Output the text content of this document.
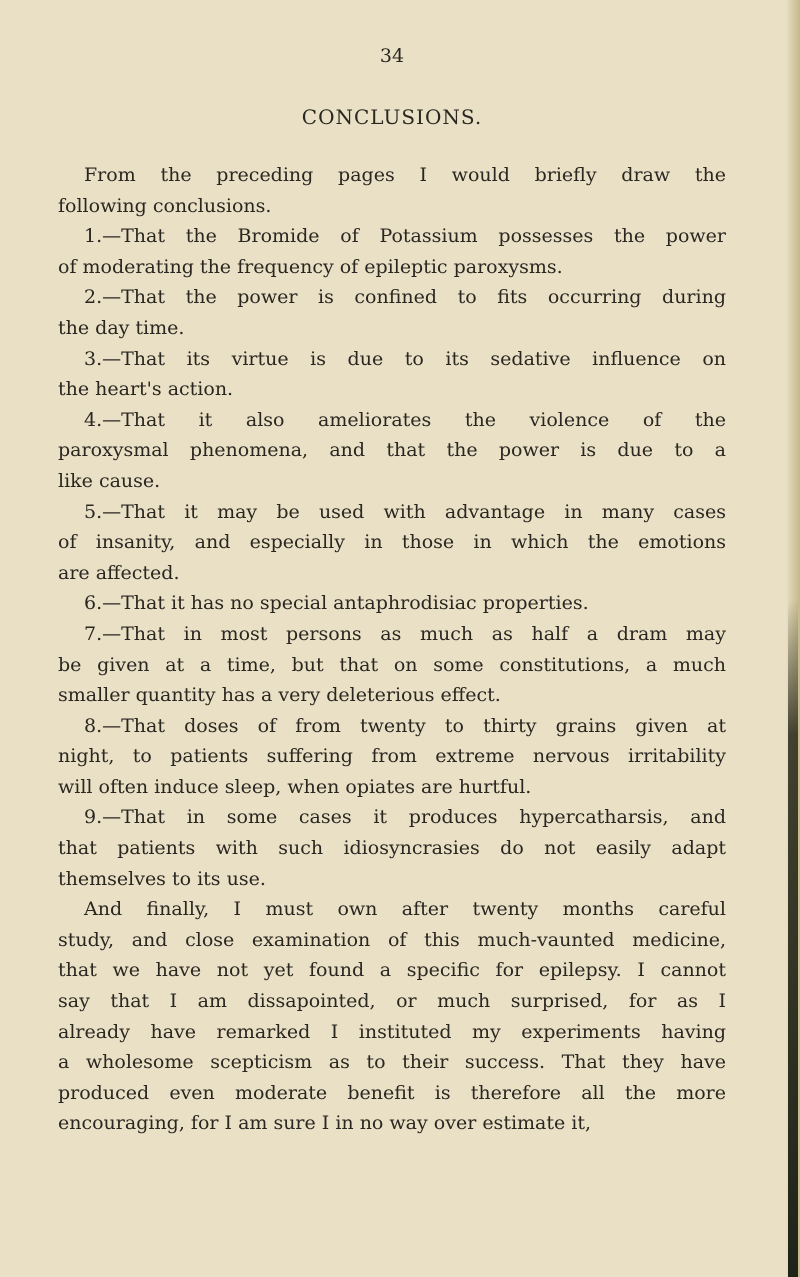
34
CONCLUSIONS.
From the preceding pages I would briefly draw the
following conclusions.
1.—That the Bromide of Potassium possesses the power
of moderating the frequency of epileptic paroxysms.
2.—That the power is confined to fits occurring during
the day time.
3.—That its virtue is due to its sedative influence on
the heart's action.
4.—That it also ameliorates the violence of the
paroxysmal phenomena, and that the power is due to a
like cause.
5.—That it may be used with advantage in many cases
of insanity, and especially in those in which the emotions
are affected.
6.—That it has no special antaphrodisiac properties.
7.—That in most persons as much as half a dram may
be given at a time, but that on some constitutions, a much
smaller quantity has a very deleterious effect.
8.—That doses of from twenty to thirty grains given at
night, to patients suffering from extreme nervous irritability
will often induce sleep, when opiates are hurtful.
9.—That in some cases it produces hypercatharsis, and
that patients with such idiosyncrasies do not easily adapt
themselves to its use.
And finally, I must own after twenty months careful
study, and close examination of this much-vaunted medicine,
that we have not yet found a specific for epilepsy. I cannot
say that I am dissapointed, or much surprised, for as I
already have remarked I instituted my experiments having
a wholesome scepticism as to their success. That they have
produced even moderate benefit is therefore all the more
encouraging, for I am sure I in no way over estimate it,
